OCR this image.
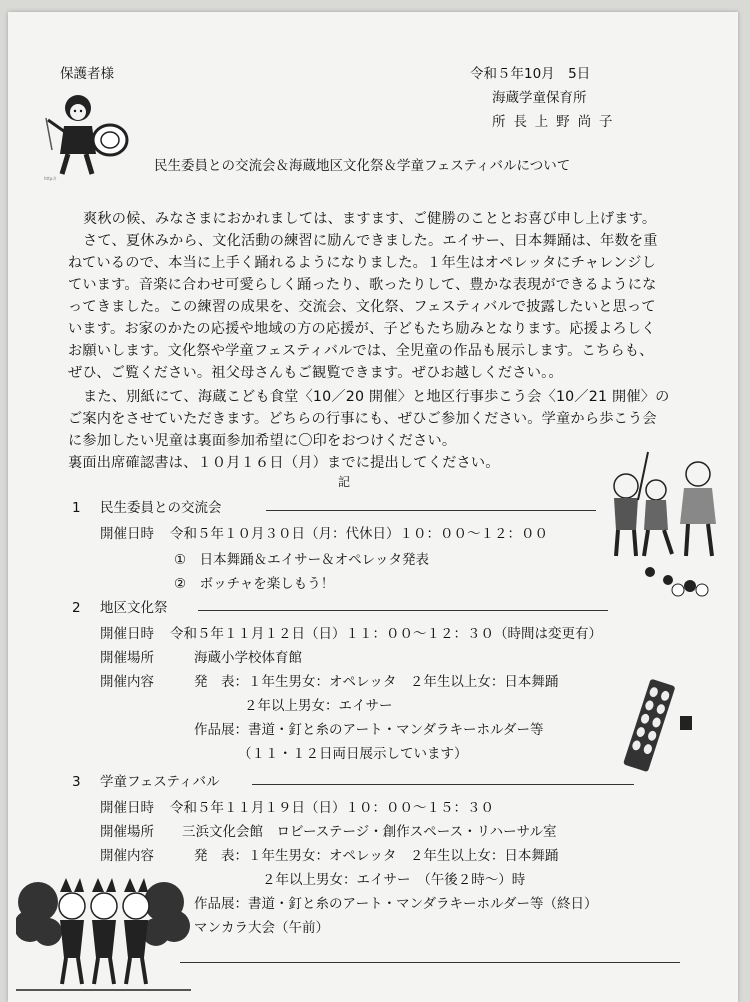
http://
保護者様	令和５年10月　5日
海蔵学童保育所
所 長 上 野 尚 子
民生委員との交流会＆海蔵地区文化祭＆学童フェスティバルについて
爽秋の候、みなさまにおかれましては、ますます、ご健勝のこととお喜び申し上げます。
さて、夏休みから、文化活動の練習に励んできました。エイサー、日本舞踊は、年数を重
ねているので、本当に上手く踊れるようになりました。１年生はオペレッタにチャレンジし
ています。音楽に合わせ可愛らしく踊ったり、歌ったりして、豊かな表現ができるようにな
ってきました。この練習の成果を、交流会、文化祭、フェスティバルで披露したいと思って
います。お家のかたの応援や地域の方の応援が、子どもたち励みとなります。応援よろしく
お願いします。文化祭や学童フェスティバルでは、全児童の作品も展示します。こちらも、
ぜひ、ご覧ください。祖父母さんもご観覧できます。ぜひお越しください。。
また、別紙にて、海蔵こども食堂〈10／20 開催〉と地区行事歩こう会〈10／21 開催〉の
ご案内をさせていただきます。どちらの行事にも、ぜひご参加ください。学童から歩こう会
に参加したい児童は裏面参加希望に〇印をおつけください。
裏面出席確認書は、１０月１６日（月）までに提出してください。
記
1 民生委員との交流会
開催日時 令和５年１０月３０日（月：代休日）１０：００～１２：００
①　日本舞踊＆エイサー＆オペレッタ発表
②　ボッチャを楽しもう！
2 地区文化祭
開催日時 令和５年１１月１２日（日）１１：００～１２：３０（時間は変更有）
開催場所	海蔵小学校体育館
開催内容	発　表：１年生男女：オペレッタ　２年生以上女：日本舞踊
２年以上男女：エイサー
作品展：書道・釘と糸のアート・マンダラキーホルダー等
（１１・１２日両日展示しています）
3 学童フェスティバル
開催日時 令和５年１１月１９日（日）１０：００～１５：３０
開催場所 三浜文化会館　ロビーステージ・創作スペース・リハーサル室
開催内容	発　表：１年生男女：オペレッタ　２年生以上女：日本舞踊
２年以上男女：エイサー　（午後２時～）時
作品展：書道・釘と糸のアート・マンダラキーホルダー等（終日）
マンカラ大会（午前）
